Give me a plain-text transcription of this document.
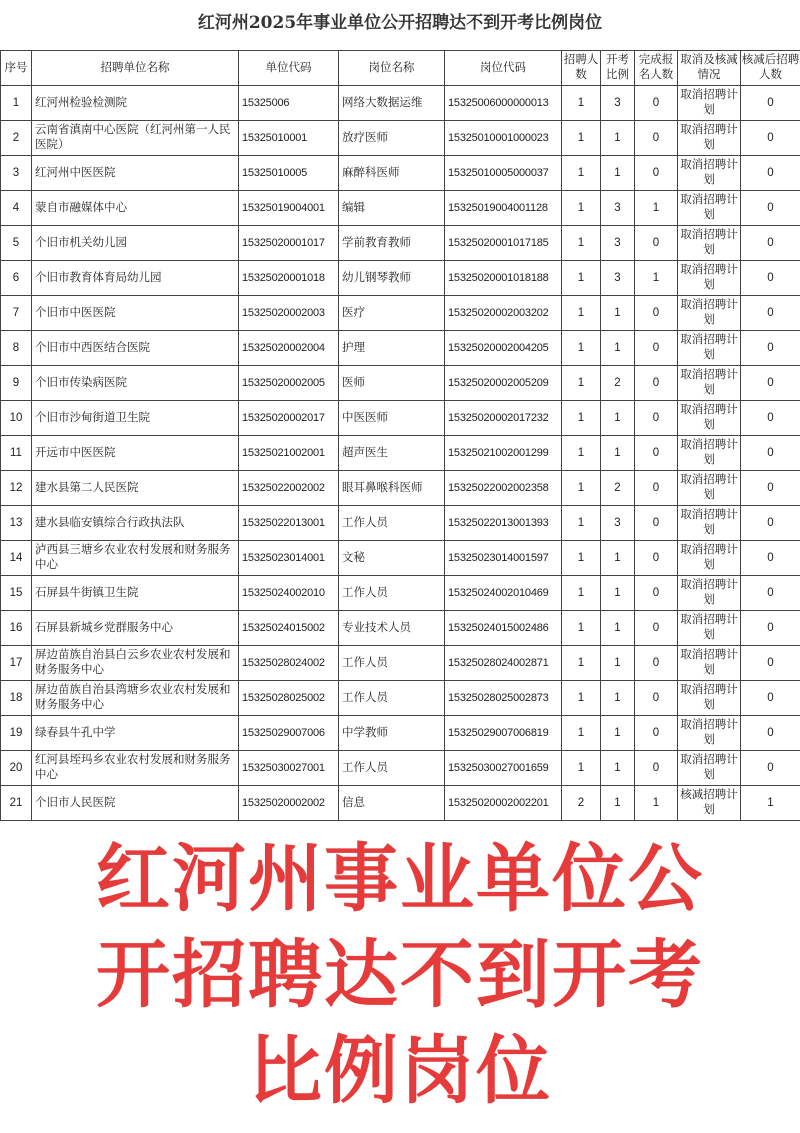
红河州2025年事业单位公开招聘达不到开考比例岗位
序号	招聘单位名称	单位代码	岗位名称	岗位代码	招聘人数	开考比例	完成报名人数	取消及核减情况	核减后招聘人数
1	红河州检验检测院	15325006	网络大数据运维	15325006000000013	1	3	0	取消招聘计划	0
2	云南省滇南中心医院（红河州第一人民医院）	15325010001	放疗医师	15325010001000023	1	1	0	取消招聘计划	0
3	红河州中医医院	15325010005	麻醉科医师	15325010005000037	1	1	0	取消招聘计划	0
4	蒙自市融媒体中心	15325019004001	编辑	15325019004001128	1	3	1	取消招聘计划	0
5	个旧市机关幼儿园	15325020001017	学前教育教师	15325020001017185	1	3	0	取消招聘计划	0
6	个旧市教育体育局幼儿园	15325020001018	幼儿钢琴教师	15325020001018188	1	3	1	取消招聘计划	0
7	个旧市中医医院	15325020002003	医疗	15325020002003202	1	1	0	取消招聘计划	0
8	个旧市中西医结合医院	15325020002004	护理	15325020002004205	1	1	0	取消招聘计划	0
9	个旧市传染病医院	15325020002005	医师	15325020002005209	1	2	0	取消招聘计划	0
10	个旧市沙甸街道卫生院	15325020002017	中医医师	15325020002017232	1	1	0	取消招聘计划	0
11	开远市中医医院	15325021002001	超声医生	15325021002001299	1	1	0	取消招聘计划	0
12	建水县第二人民医院	15325022002002	眼耳鼻喉科医师	15325022002002358	1	2	0	取消招聘计划	0
13	建水县临安镇综合行政执法队	15325022013001	工作人员	15325022013001393	1	3	0	取消招聘计划	0
14	泸西县三塘乡农业农村发展和财务服务中心	15325023014001	文秘	15325023014001597	1	1	0	取消招聘计划	0
15	石屏县牛街镇卫生院	15325024002010	工作人员	15325024002010469	1	1	0	取消招聘计划	0
16	石屏县新城乡党群服务中心	15325024015002	专业技术人员	15325024015002486	1	1	0	取消招聘计划	0
17	屏边苗族自治县白云乡农业农村发展和财务服务中心	15325028024002	工作人员	15325028024002871	1	1	0	取消招聘计划	0
18	屏边苗族自治县湾塘乡农业农村发展和财务服务中心	15325028025002	工作人员	15325028025002873	1	1	0	取消招聘计划	0
19	绿春县牛孔中学	15325029007006	中学教师	15325029007006819	1	1	0	取消招聘计划	0
20	红河县垤玛乡农业农村发展和财务服务中心	15325030027001	工作人员	15325030027001659	1	1	0	取消招聘计划	0
21	个旧市人民医院	15325020002002	信息	15325020002002201	2	1	1	核减招聘计划	1
红河州事业单位公
开招聘达不到开考
比例岗位
